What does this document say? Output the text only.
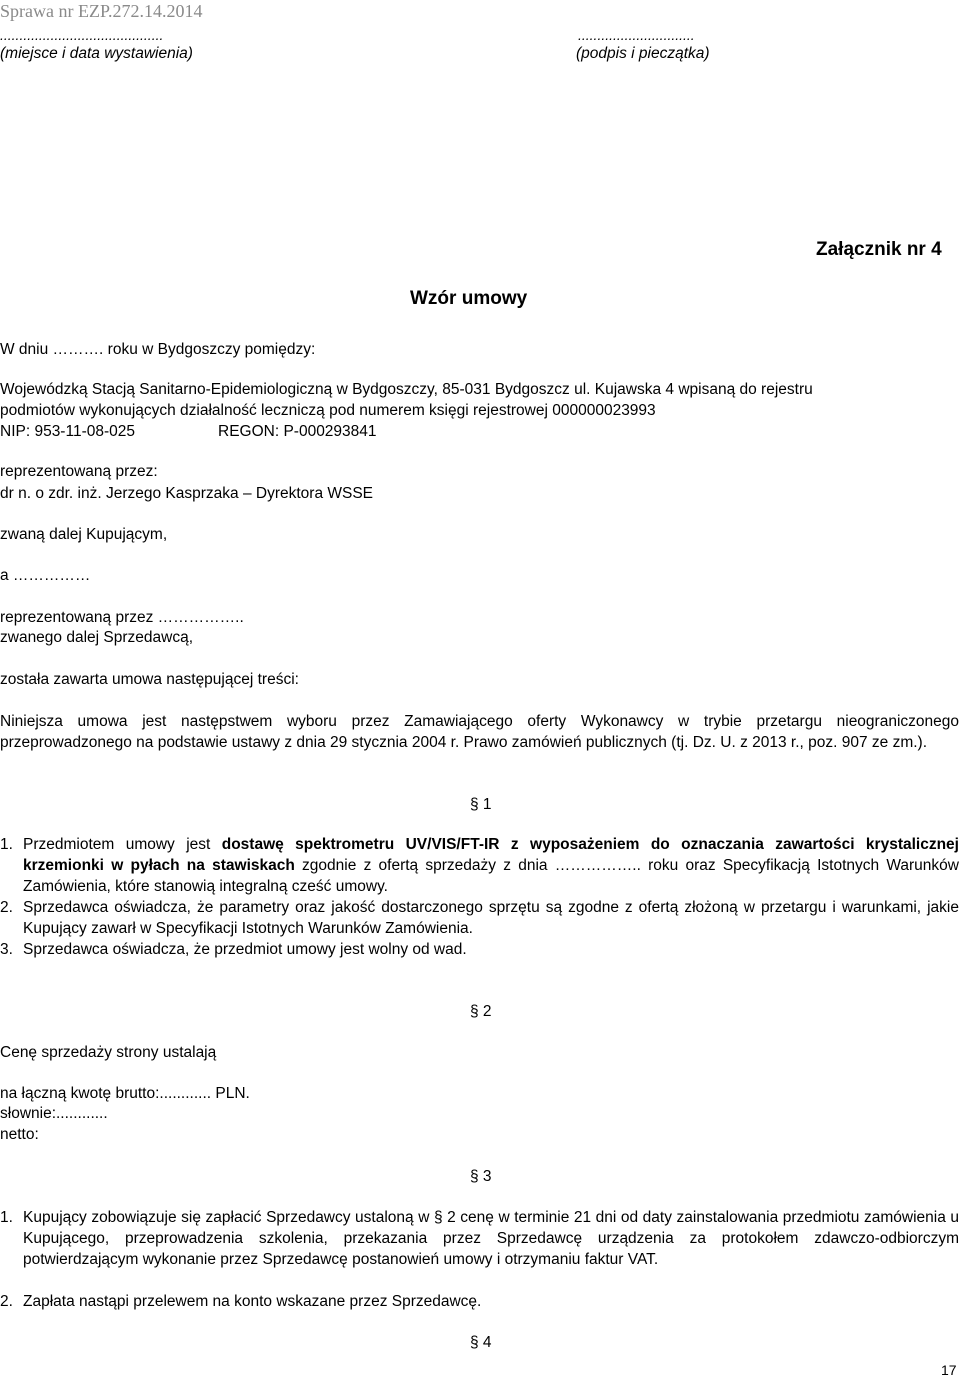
Sprawa nr EZP.272.14.2014
..........................................
(miejsce i data wystawienia)
..............................
(podpis i pieczątka)
Załącznik nr 4
Wzór umowy
W dniu ………. roku w Bydgoszczy pomiędzy:
Wojewódzką Stacją Sanitarno-Epidemiologiczną w Bydgoszczy, 85-031 Bydgoszcz ul. Kujawska 4 wpisaną do rejestru
podmiotów wykonujących działalność leczniczą pod numerem księgi rejestrowej 000000023993
NIP: 953-11-08-025	REGON: P-000293841
reprezentowaną przez:
dr n. o zdr. inż. Jerzego Kasprzaka – Dyrektora WSSE
zwaną dalej Kupującym,
a ……………
reprezentowaną przez ……………..
zwanego dalej Sprzedawcą,
została zawarta umowa następującej treści:
Niniejsza umowa jest następstwem wyboru przez Zamawiającego oferty Wykonawcy w trybie przetargu nieograniczonego przeprowadzonego na podstawie ustawy z dnia 29 stycznia 2004 r. Prawo zamówień publicznych (tj. Dz. U. z 2013 r., poz. 907 ze zm.).
§ 1
1. Przedmiotem umowy jest dostawę spektrometru UV/VIS/FT-IR z wyposażeniem do oznaczania zawartości krystalicznej krzemionki w pyłach na stawiskach zgodnie z ofertą sprzedaży z dnia …………….. roku oraz Specyfikacją Istotnych Warunków Zamówienia, które stanowią integralną cześć umowy.
2. Sprzedawca oświadcza, że parametry oraz jakość dostarczonego sprzętu są zgodne z ofertą złożoną w przetargu i warunkami, jakie Kupujący zawarł w Specyfikacji Istotnych Warunków Zamówienia.
3. Sprzedawca oświadcza, że przedmiot umowy jest wolny od wad.
§ 2
Cenę sprzedaży strony ustalają
na łączną kwotę brutto:............ PLN.
słownie:............
netto:
§ 3
1. Kupujący zobowiązuje się zapłacić Sprzedawcy ustaloną w § 2 cenę w terminie 21 dni od daty zainstalowania przedmiotu zamówienia u Kupującego, przeprowadzenia szkolenia, przekazania przez Sprzedawcę urządzenia za protokołem zdawczo-odbiorczym potwierdzającym wykonanie przez Sprzedawcę postanowień umowy i otrzymaniu faktur VAT.
2. Zapłata nastąpi przelewem na konto wskazane przez Sprzedawcę.
§ 4
17
